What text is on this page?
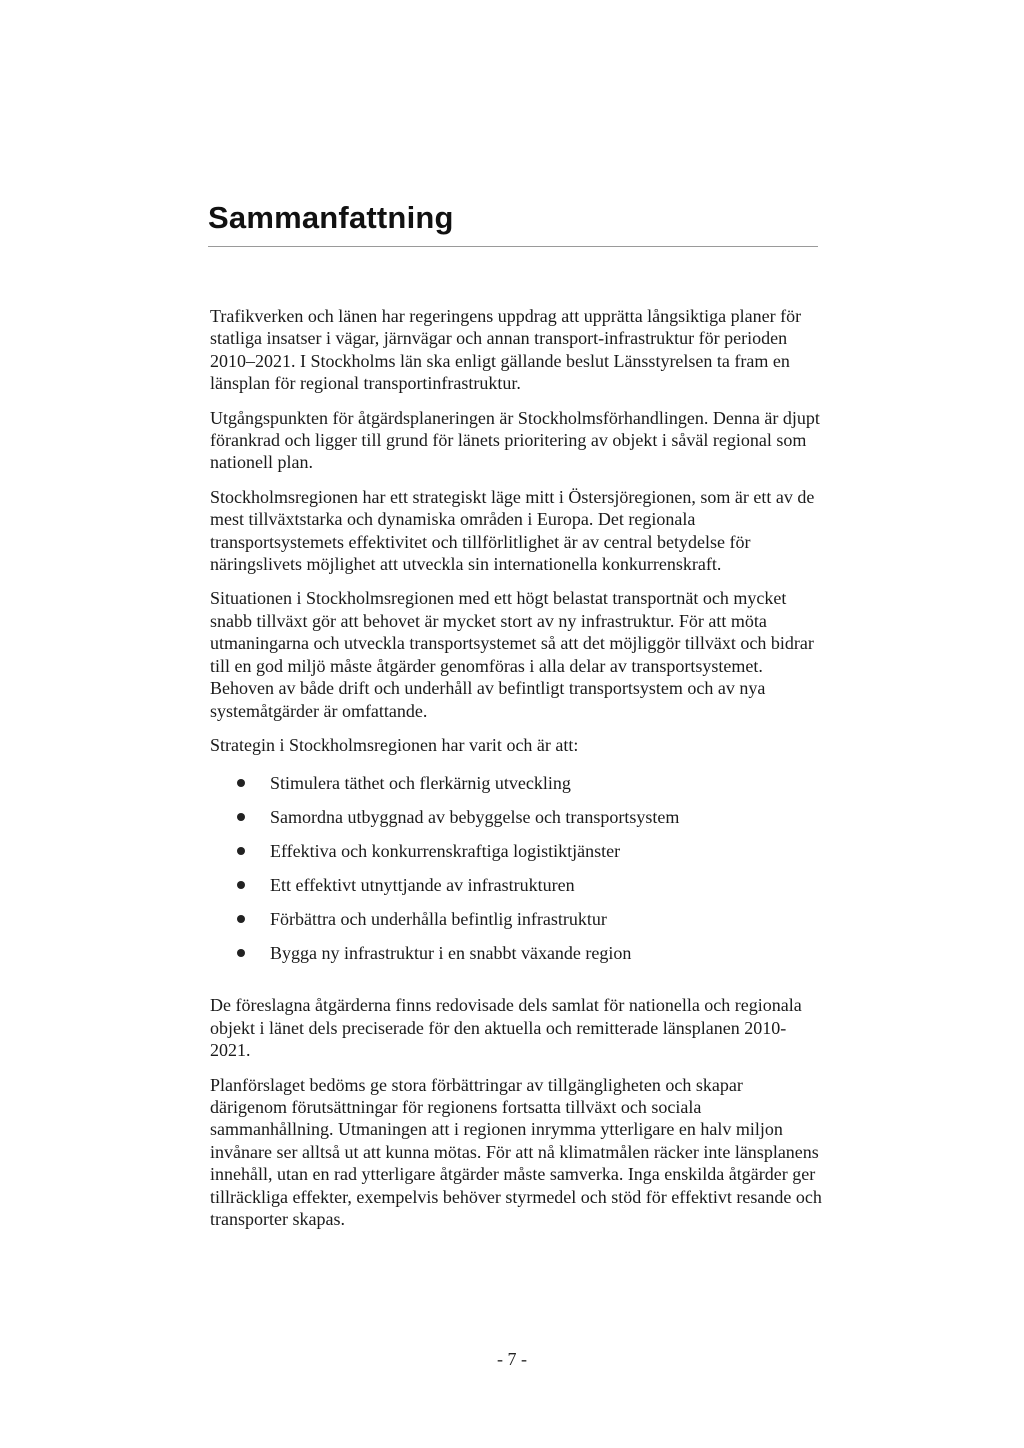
Sammanfattning

Trafikverken och länen har regeringens uppdrag att upprätta långsiktiga planer för statliga insatser i vägar, järnvägar och annan transport-infrastruktur för perioden 2010–2021. I Stockholms län ska enligt gällande beslut Länsstyrelsen ta fram en länsplan för regional transportinfrastruktur.

Utgångspunkten för åtgärdsplaneringen är Stockholmsförhandlingen. Denna är djupt förankrad och ligger till grund för länets prioritering av objekt i såväl regional som nationell plan.

Stockholmsregionen har ett strategiskt läge mitt i Östersjöregionen, som är ett av de mest tillväxtstarka och dynamiska områden i Europa. Det regionala transportsystemets effektivitet och tillförlitlighet är av central betydelse för näringslivets möjlighet att utveckla sin internationella konkurrenskraft.

Situationen i Stockholmsregionen med ett högt belastat transportnät och mycket snabb tillväxt gör att behovet är mycket stort av ny infrastruktur. För att möta utmaningarna och utveckla transportsystemet så att det möjliggör tillväxt och bidrar till en god miljö måste åtgärder genomföras i alla delar av transportsystemet. Behoven av både drift och underhåll av befintligt transportsystem och av nya systemåtgärder är omfattande.

Strategin i Stockholmsregionen har varit och är att:

Stimulera täthet och flerkärnig utveckling
Samordna utbyggnad av bebyggelse och transportsystem
Effektiva och konkurrenskraftiga logistiktjänster
Ett effektivt utnyttjande av infrastrukturen
Förbättra och underhålla befintlig infrastruktur
Bygga ny infrastruktur i en snabbt växande region

De föreslagna åtgärderna finns redovisade dels samlat för nationella och regionala objekt i länet dels preciserade för den aktuella och remitterade länsplanen 2010-2021.

Planförslaget bedöms ge stora förbättringar av tillgängligheten och skapar därigenom förutsättningar för regionens fortsatta tillväxt och sociala sammanhållning. Utmaningen att i regionen inrymma ytterligare en halv miljon invånare ser alltså ut att kunna mötas. För att nå klimatmålen räcker inte länsplanens innehåll, utan en rad ytterligare åtgärder måste samverka. Inga enskilda åtgärder ger tillräckliga effekter, exempelvis behöver styrmedel och stöd för effektivt resande och transporter skapas.

- 7 -
